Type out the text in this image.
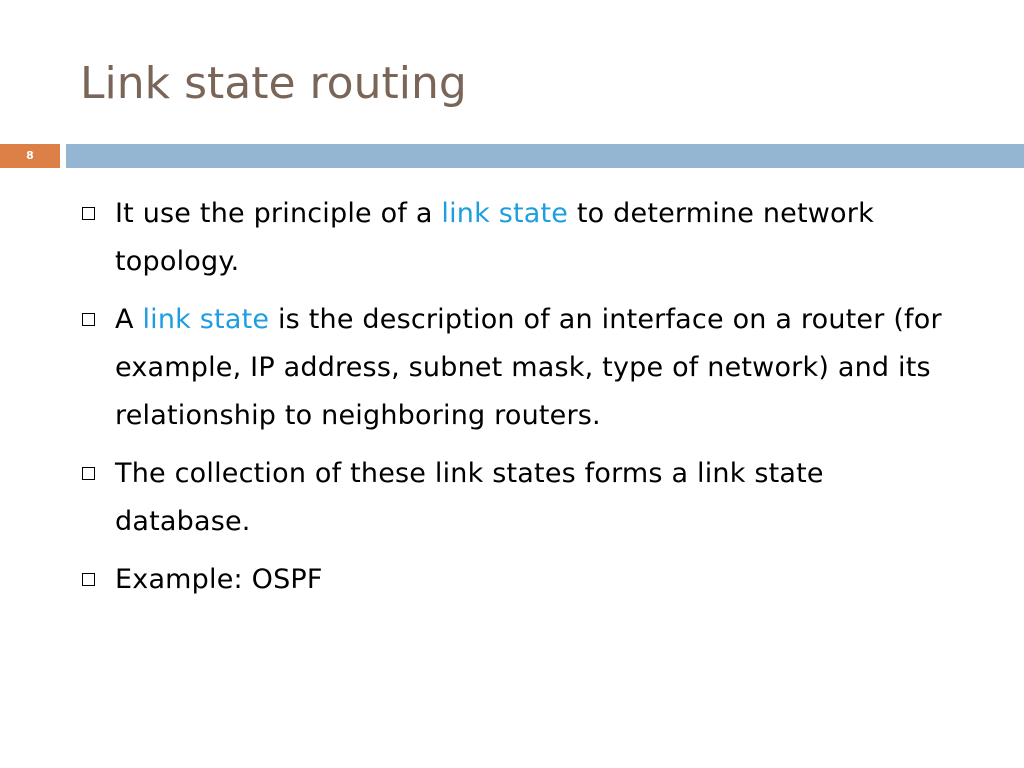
Link state routing
8
It use the principle of a link state to determine network topology.
A link state is the description of an interface on a router (for example, IP address, subnet mask, type of network) and its relationship to neighboring routers.
The collection of these link states forms a link state database.
Example: OSPF
